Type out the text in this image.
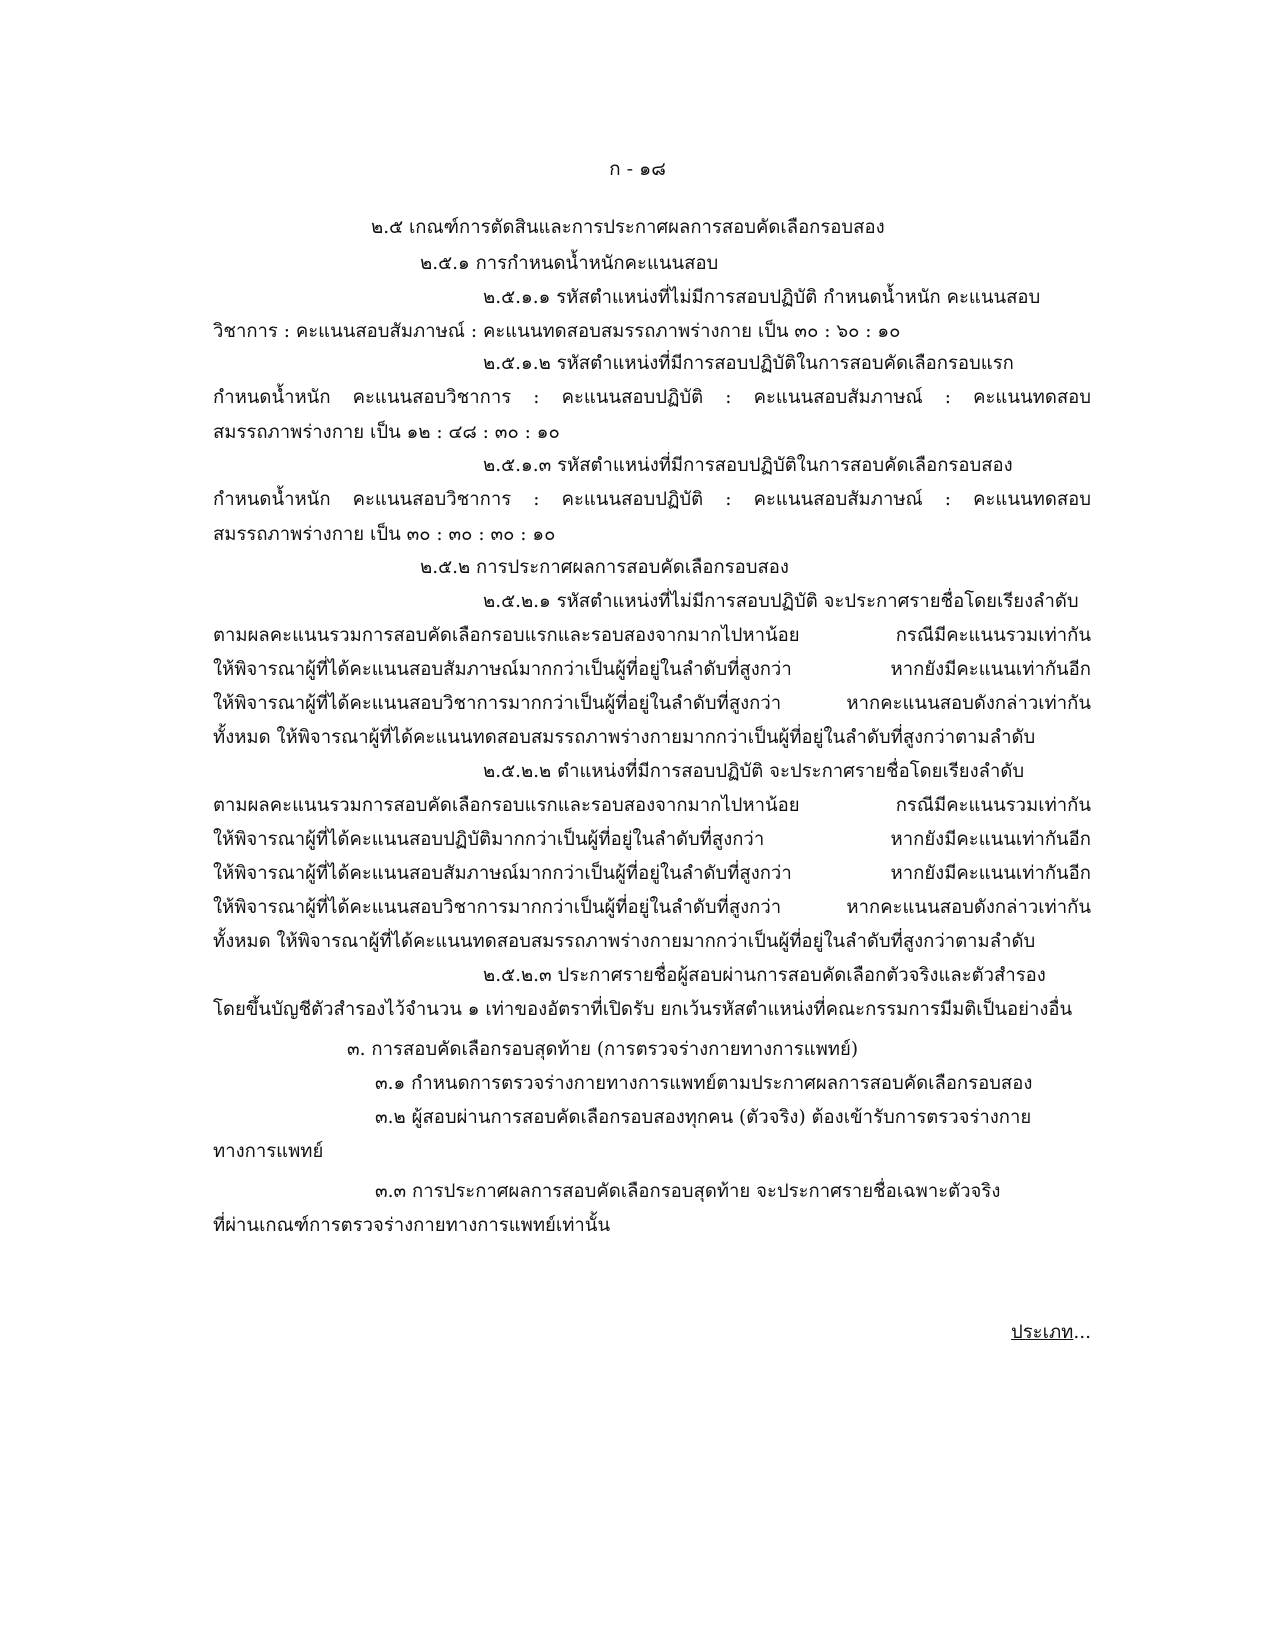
ก - ๑๘
๒.๕ เกณฑ์การตัดสินและการประกาศผลการสอบคัดเลือกรอบสอง
๒.๕.๑ การกำหนดน้ำหนักคะแนนสอบ
๒.๕.๑.๑ รหัสตำแหน่งที่ไม่มีการสอบปฏิบัติ กำหนดน้ำหนัก คะแนนสอบ
วิชาการ : คะแนนสอบสัมภาษณ์ : คะแนนทดสอบสมรรถภาพร่างกาย เป็น ๓๐ : ๖๐ : ๑๐
๒.๕.๑.๒ รหัสตำแหน่งที่มีการสอบปฏิบัติในการสอบคัดเลือกรอบแรก
กำหนดน้ำหนัก คะแนนสอบวิชาการ : คะแนนสอบปฏิบัติ : คะแนนสอบสัมภาษณ์ : คะแนนทดสอบ
สมรรถภาพร่างกาย เป็น ๑๒ : ๔๘ : ๓๐ : ๑๐
๒.๕.๑.๓ รหัสตำแหน่งที่มีการสอบปฏิบัติในการสอบคัดเลือกรอบสอง
กำหนดน้ำหนัก คะแนนสอบวิชาการ : คะแนนสอบปฏิบัติ : คะแนนสอบสัมภาษณ์ : คะแนนทดสอบ
สมรรถภาพร่างกาย เป็น ๓๐ : ๓๐ : ๓๐ : ๑๐
๒.๕.๒ การประกาศผลการสอบคัดเลือกรอบสอง
๒.๕.๒.๑ รหัสตำแหน่งที่ไม่มีการสอบปฏิบัติ จะประกาศรายชื่อโดยเรียงลำดับ
ตามผลคะแนนรวมการสอบคัดเลือกรอบแรกและรอบสองจากมากไปหาน้อย กรณีมีคะแนนรวมเท่ากัน
ให้พิจารณาผู้ที่ได้คะแนนสอบสัมภาษณ์มากกว่าเป็นผู้ที่อยู่ในลำดับที่สูงกว่า หากยังมีคะแนนเท่ากันอีก
ให้พิจารณาผู้ที่ได้คะแนนสอบวิชาการมากกว่าเป็นผู้ที่อยู่ในลำดับที่สูงกว่า หากคะแนนสอบดังกล่าวเท่ากัน
ทั้งหมด ให้พิจารณาผู้ที่ได้คะแนนทดสอบสมรรถภาพร่างกายมากกว่าเป็นผู้ที่อยู่ในลำดับที่สูงกว่าตามลำดับ
๒.๕.๒.๒ ตำแหน่งที่มีการสอบปฏิบัติ จะประกาศรายชื่อโดยเรียงลำดับ
ตามผลคะแนนรวมการสอบคัดเลือกรอบแรกและรอบสองจากมากไปหาน้อย กรณีมีคะแนนรวมเท่ากัน
ให้พิจารณาผู้ที่ได้คะแนนสอบปฏิบัติมากกว่าเป็นผู้ที่อยู่ในลำดับที่สูงกว่า หากยังมีคะแนนเท่ากันอีก
ให้พิจารณาผู้ที่ได้คะแนนสอบสัมภาษณ์มากกว่าเป็นผู้ที่อยู่ในลำดับที่สูงกว่า หากยังมีคะแนนเท่ากันอีก
ให้พิจารณาผู้ที่ได้คะแนนสอบวิชาการมากกว่าเป็นผู้ที่อยู่ในลำดับที่สูงกว่า หากคะแนนสอบดังกล่าวเท่ากัน
ทั้งหมด ให้พิจารณาผู้ที่ได้คะแนนทดสอบสมรรถภาพร่างกายมากกว่าเป็นผู้ที่อยู่ในลำดับที่สูงกว่าตามลำดับ
๒.๕.๒.๓ ประกาศรายชื่อผู้สอบผ่านการสอบคัดเลือกตัวจริงและตัวสำรอง
โดยขึ้นบัญชีตัวสำรองไว้จำนวน ๑ เท่าของอัตราที่เปิดรับ ยกเว้นรหัสตำแหน่งที่คณะกรรมการมีมติเป็นอย่างอื่น
๓. การสอบคัดเลือกรอบสุดท้าย (การตรวจร่างกายทางการแพทย์)
๓.๑ กำหนดการตรวจร่างกายทางการแพทย์ตามประกาศผลการสอบคัดเลือกรอบสอง
๓.๒ ผู้สอบผ่านการสอบคัดเลือกรอบสองทุกคน (ตัวจริง) ต้องเข้ารับการตรวจร่างกาย
ทางการแพทย์
๓.๓ การประกาศผลการสอบคัดเลือกรอบสุดท้าย จะประกาศรายชื่อเฉพาะตัวจริง
ที่ผ่านเกณฑ์การตรวจร่างกายทางการแพทย์เท่านั้น
ประเภท...
